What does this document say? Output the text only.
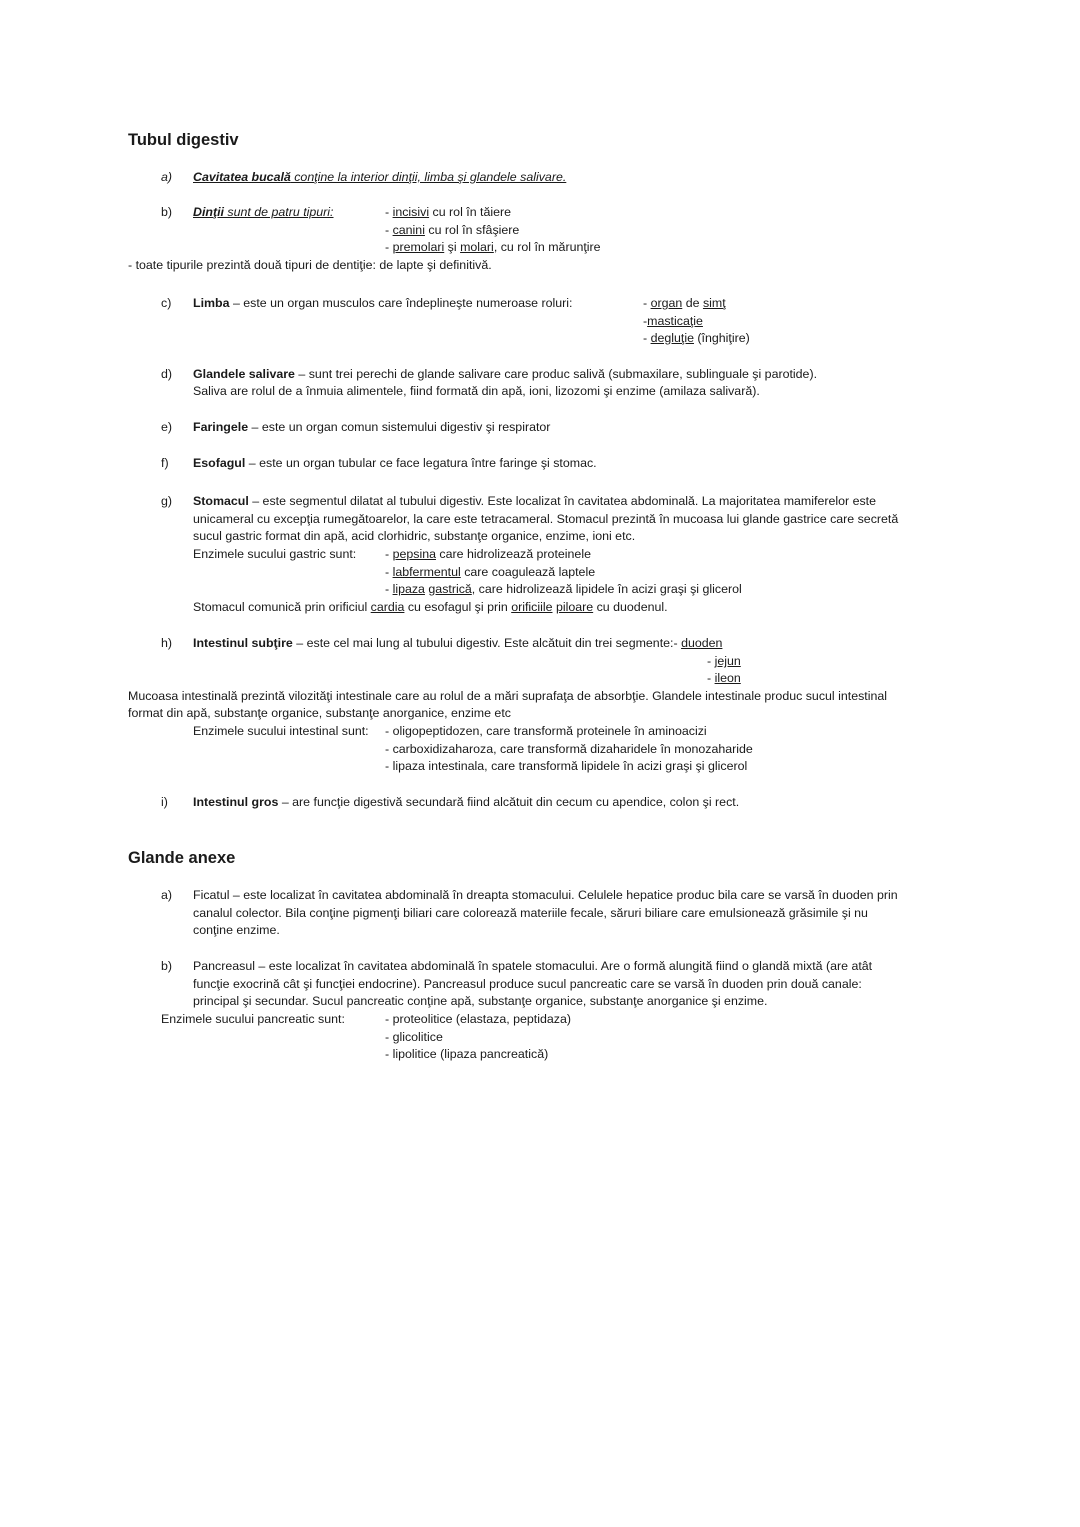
Tubul digestiv
a) Cavitatea bucală conţine la interior dinţii, limba şi glandele salivare.
b) Dinţii sunt de patru tipuri:	- incisivi cu rol în tăiere
- canini cu rol în sfâşiere
- premolari şi molari, cu rol în mărunţire
- toate tipurile prezintă două tipuri de dentiţie: de lapte şi definitivă.
c) Limba – este un organ musculos care îndeplineşte numeroase roluri:	- organ de simţ
-masticaţie
- degluţie (înghiţire)
d) Glandele salivare – sunt trei perechi de glande salivare care produc salivă (submaxilare, sublinguale şi parotide).
Saliva are rolul de a înmuia alimentele, fiind formată din apă, ioni, lizozomi şi enzime (amilaza salivară).
e) Faringele – este un organ comun sistemului digestiv şi respirator
f) Esofagul – este un organ tubular ce face legatura între faringe şi stomac.
g) Stomacul – este segmentul dilatat al tubului digestiv. Este localizat în cavitatea abdominală. La majoritatea mamiferelor este
unicameral cu excepţia rumegătoarelor, la care este tetracameral. Stomacul prezintă în mucoasa lui glande gastrice care secretă
sucul gastric format din apă, acid clorhidric, substanţe organice, enzime, ioni etc.
Enzimele sucului gastric sunt: - pepsina care hidrolizează proteinele
- labfermentul care coagulează laptele
- lipaza gastrică, care hidrolizează lipidele în acizi graşi şi glicerol
Stomacul comunică prin orificiul cardia cu esofagul şi prin orificiile piloare cu duodenul.
h) Intestinul subţire – este cel mai lung al tubului digestiv. Este alcătuit din trei segmente:- duoden
- jejun
- ileon
Mucoasa intestinală prezintă vilozităţi intestinale care au rolul de a mări suprafaţa de absorbţie. Glandele intestinale produc sucul intestinal
format din apă, substanţe organice, substanţe anorganice, enzime etc
Enzimele sucului intestinal sunt: - oligopeptidozen, care transformă proteinele în aminoacizi
- carboxidizaharoza, care transformă dizaharidele în monozaharide
- lipaza intestinala, care transformă lipidele în acizi graşi şi glicerol
i) Intestinul gros – are funcţie digestivă secundară fiind alcătuit din cecum cu apendice, colon şi rect.
Glande anexe
a) Ficatul – este localizat în cavitatea abdominală în dreapta stomacului. Celulele hepatice produc bila care se varsă în duoden prin
canalul colector. Bila conţine pigmenţi biliari care colorează materiile fecale, săruri biliare care emulsionează grăsimile şi nu
conţine enzime.
b) Pancreasul – este localizat în cavitatea abdominală în spatele stomacului. Are o formă alungită fiind o glandă mixtă (are atât
funcţie exocrină cât şi funcţiei endocrine). Pancreasul produce sucul pancreatic care se varsă în duoden prin două canale:
principal şi secundar. Sucul pancreatic conţine apă, substanţe organice, substanţe anorganice şi enzime.
Enzimele sucului pancreatic sunt:	- proteolitice (elastaza, peptidaza)
- glicolitice
- lipolitice (lipaza pancreatică)
